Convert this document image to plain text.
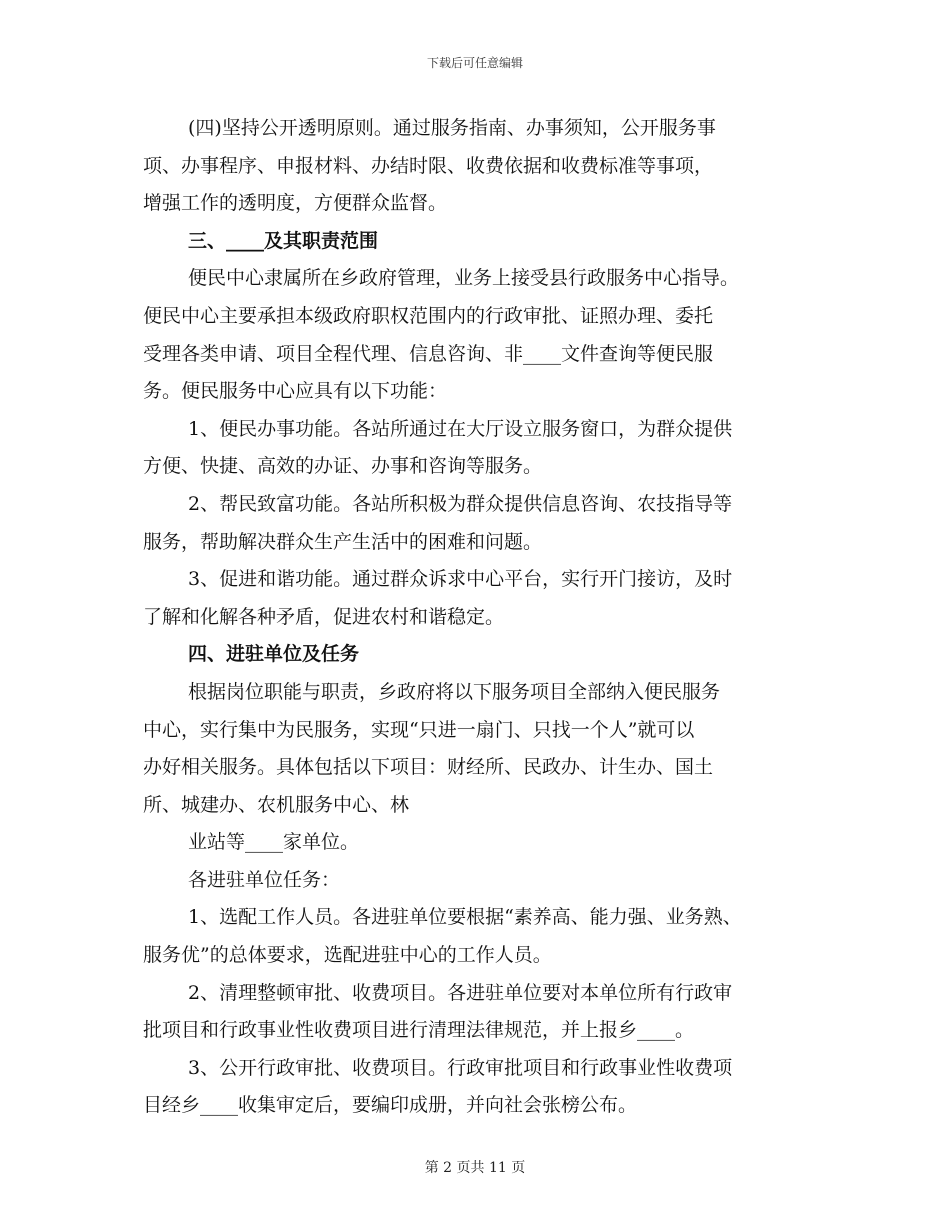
下载后可任意编辑
(四)坚持公开透明原则。通过服务指南、办事须知，公开服务事
项、办事程序、申报材料、办结时限、收费依据和收费标准等事项，
增强工作的透明度，方便群众监督。
三、____及其职责范围
便民中心隶属所在乡政府管理，业务上接受县行政服务中心指导。
便民中心主要承担本级政府职权范围内的行政审批、证照办理、委托
受理各类申请、项目全程代理、信息咨询、非____文件查询等便民服
务。便民服务中心应具有以下功能：
1、便民办事功能。各站所通过在大厅设立服务窗口，为群众提供
方便、快捷、高效的办证、办事和咨询等服务。
2、帮民致富功能。各站所积极为群众提供信息咨询、农技指导等
服务，帮助解决群众生产生活中的困难和问题。
3、促进和谐功能。通过群众诉求中心平台，实行开门接访，及时
了解和化解各种矛盾，促进农村和谐稳定。
四、进驻单位及任务
根据岗位职能与职责，乡政府将以下服务项目全部纳入便民服务
中心，实行集中为民服务，实现“只进一扇门、只找一个人”就可以
办好相关服务。具体包括以下项目：财经所、民政办、计生办、国土
所、城建办、农机服务中心、林
业站等____家单位。
各进驻单位任务：
1、选配工作人员。各进驻单位要根据“素养高、能力强、业务熟、
服务优”的总体要求，选配进驻中心的工作人员。
2、清理整顿审批、收费项目。各进驻单位要对本单位所有行政审
批项目和行政事业性收费项目进行清理法律规范，并上报乡____。
3、公开行政审批、收费项目。行政审批项目和行政事业性收费项
目经乡____收集审定后，要编印成册，并向社会张榜公布。
第 2 页共 11 页
